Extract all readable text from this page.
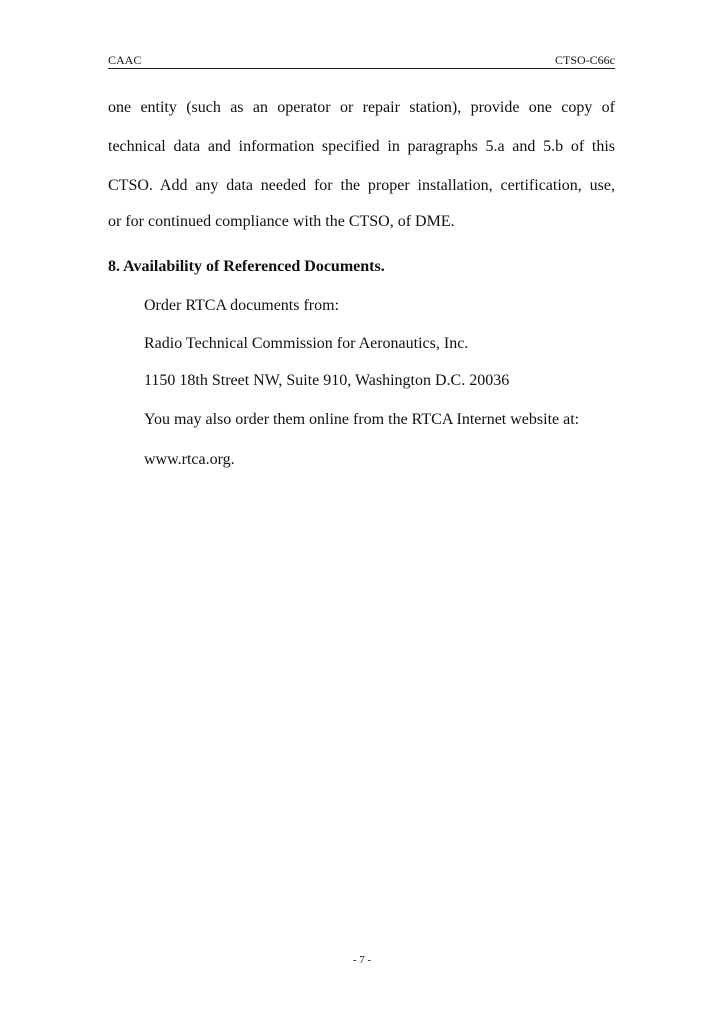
CAAC	CTSO-C66c

one entity (such as an operator or repair station), provide one copy of

technical data and information specified in paragraphs 5.a and 5.b of this

CTSO. Add any data needed for the proper installation, certification, use,

or for continued compliance with the CTSO, of DME.

8. Availability of Referenced Documents.

Order RTCA documents from:

Radio Technical Commission for Aeronautics, Inc.

1150 18th Street NW, Suite 910, Washington D.C. 20036

You may also order them online from the RTCA Internet website at:

www.rtca.org.

- 7 -
